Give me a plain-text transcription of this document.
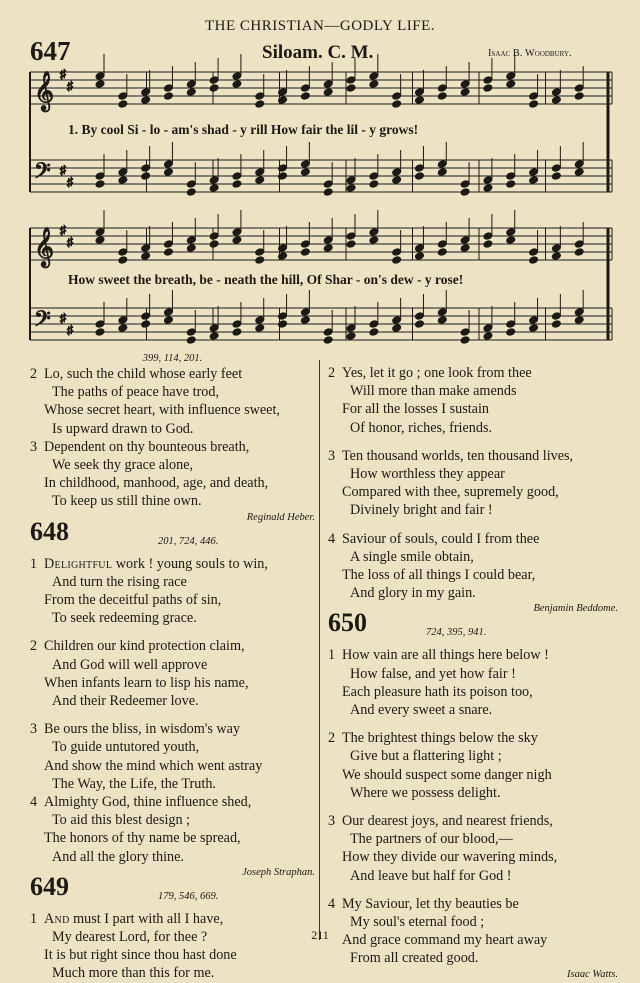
THE CHRISTIAN—GODLY LIFE.
647	Siloam. C. M.	Isaac B. Woodbury.
𝄞
𝄢
♯
♯
♯
♯
𝄞
𝄢
♯
♯
♯
♯
1. By cool Si - lo - am's shad - y rill How fair the lil - y grows!
How sweet the breath, be - neath the hill, Of Shar - on's dew - y rose!

399, 114, 201.

2 Lo, such the child whose early feet
The paths of peace have trod,
Whose secret heart, with influence sweet,
Is upward drawn to God.
3 Dependent on thy bounteous breath,
We seek thy grace alone,
In childhood, manhood, age, and death,
To keep us still thine own.

Reginald Heber.

648	201, 724, 446.
1 Delightful work ! young souls to win,
And turn the rising race
From the deceitful paths of sin,
To seek redeeming grace.
2 Children our kind protection claim,
And God will well approve
When infants learn to lisp his name,
And their Redeemer love.
3 Be ours the bliss, in wisdom's way
To guide untutored youth,
And show the mind which went astray
The Way, the Life, the Truth.
4 Almighty God, thine influence shed,
To aid this blest design ;
The honors of thy name be spread,
And all the glory thine.

Joseph Straphan.

649	179, 546, 669.
1 And must I part with all I have,
My dearest Lord, for thee ?
It is but right since thou hast done
Much more than this for me.
2 Yes, let it go ; one look from thee
Will more than make amends
For all the losses I sustain
Of honor, riches, friends.
3 Ten thousand worlds, ten thousand lives,
How worthless they appear
Compared with thee, supremely good,
Divinely bright and fair !
4 Saviour of souls, could I from thee
A single smile obtain,
The loss of all things I could bear,
And glory in my gain.

Benjamin Beddome.

650	724, 395, 941.
1 How vain are all things here below !
How false, and yet how fair !
Each pleasure hath its poison too,
And every sweet a snare.
2 The brightest things below the sky
Give but a flattering light ;
We should suspect some danger nigh
Where we possess delight.
3 Our dearest joys, and nearest friends,
The partners of our blood,—
How they divide our wavering minds,
And leave but half for God !
4 My Saviour, let thy beauties be
My soul's eternal food ;
And grace command my heart away
From all created good.

Isaac Watts.

211
